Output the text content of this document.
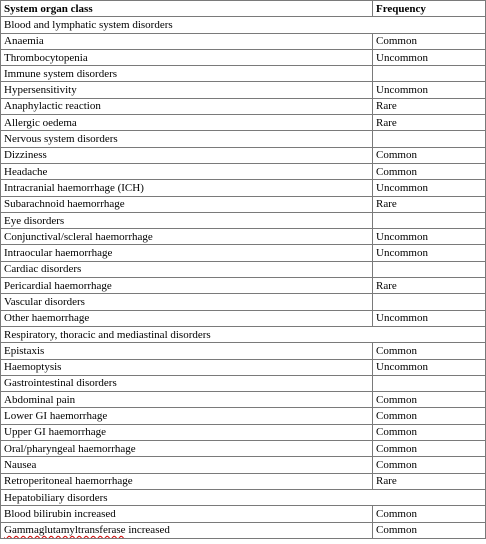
System organ class	Frequency
Blood and lymphatic system disorders	
Anaemia	Common
Thrombocytopenia	Uncommon
Immune system disorders	
Hypersensitivity	Uncommon
Anaphylactic reaction	Rare
Allergic oedema	Rare
Nervous system disorders	
Dizziness	Common
Headache	Common
Intracranial haemorrhage (ICH)	Uncommon
Subarachnoid haemorrhage	Rare
Eye disorders	
Conjunctival/scleral haemorrhage	Uncommon
Intraocular haemorrhage	Uncommon
Cardiac disorders	
Pericardial haemorrhage	Rare
Vascular disorders	
Other haemorrhage	Uncommon
Respiratory, thoracic and mediastinal disorders	
Epistaxis	Common
Haemoptysis	Uncommon
Gastrointestinal disorders	
Abdominal pain	Common
Lower GI haemorrhage	Common
Upper GI haemorrhage	Common
Oral/pharyngeal haemorrhage	Common
Nausea	Common
Retroperitoneal haemorrhage	Rare
Hepatobiliary disorders	
Blood bilirubin increased	Common
Gammaglutamyltransferase increased	Common
